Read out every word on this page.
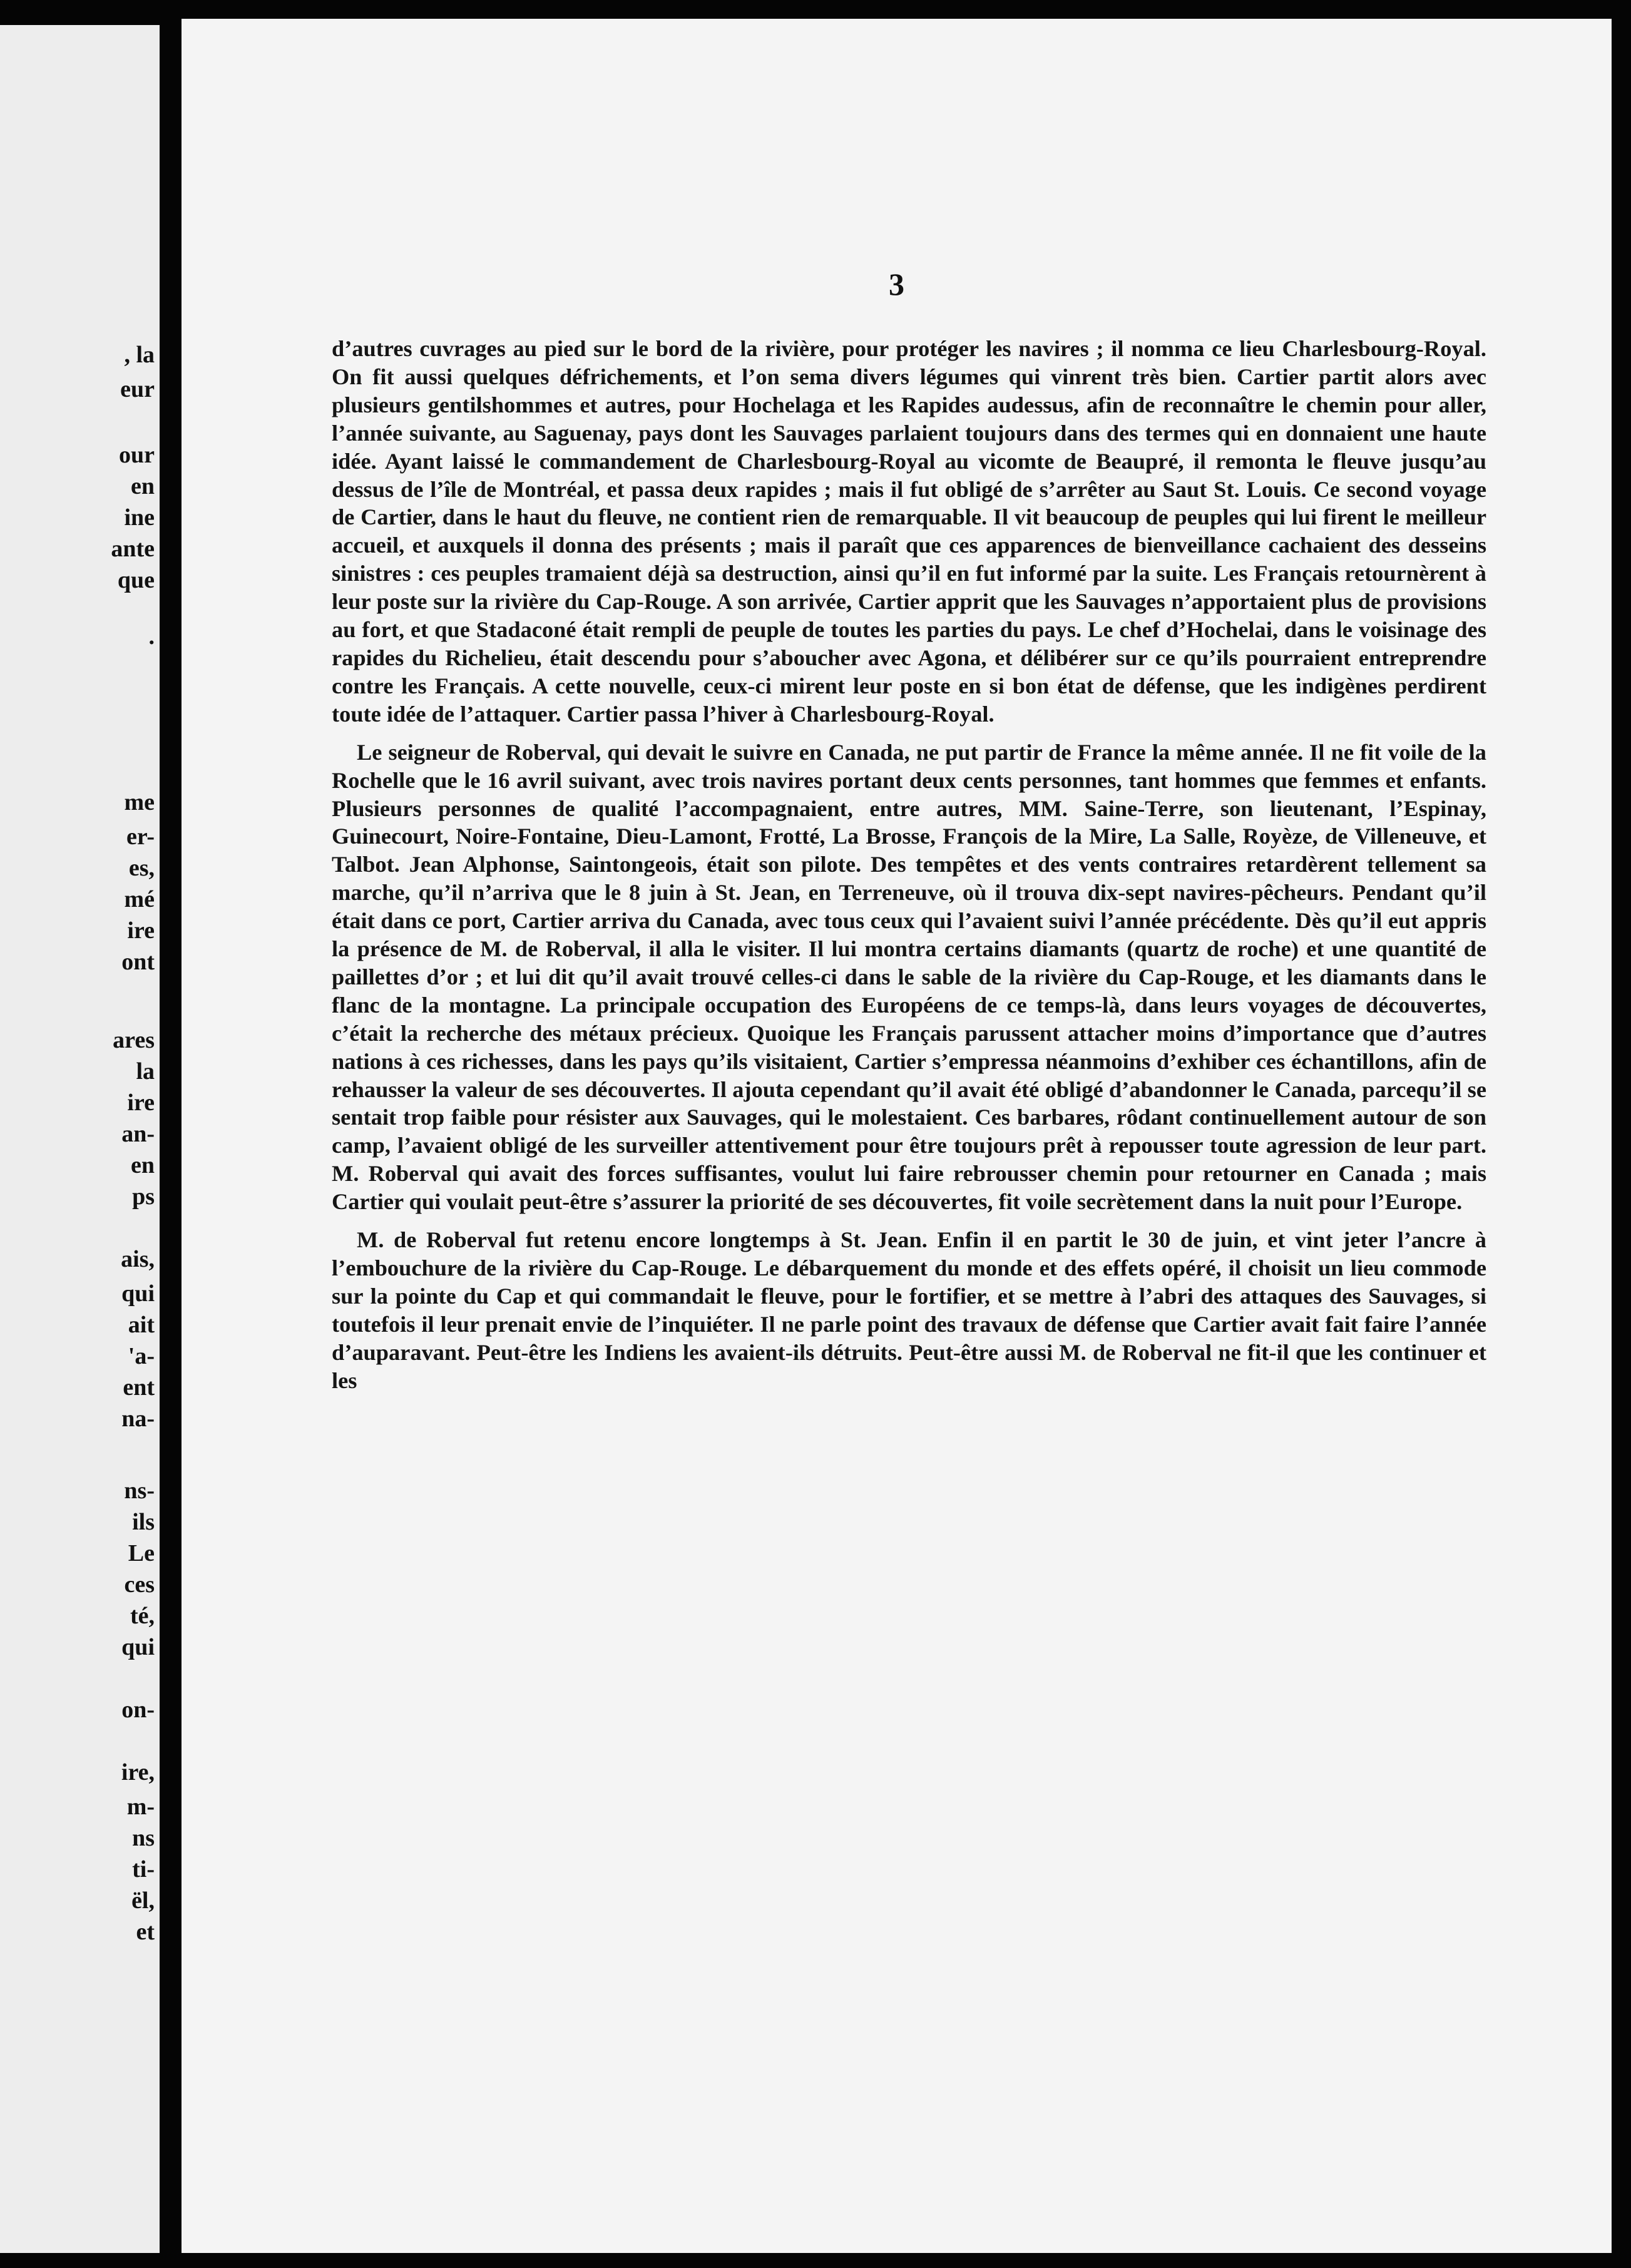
, la
eur
our
en
ine
ante
que
.
me
er-
es,
mé
ire
ont
ares
la
ire
an-
en
ps
ais,
qui
ait
'a-
ent
na-
ns-
ils
Le
ces
té,
qui
on-
ire,
m-
ns
ti-
ël,
et
3

d’autres cuvrages au pied sur le bord de la rivière, pour protéger les navires ; il nomma ce lieu Charlesbourg-Royal. On fit aussi quelques défrichements, et l’on sema divers légumes qui vinrent très bien. Cartier partit alors avec plusieurs gentilshommes et autres, pour Hochelaga et les Rapides audessus, afin de reconnaître le chemin pour aller, l’année suivante, au Saguenay, pays dont les Sauvages parlaient toujours dans des termes qui en donnaient une haute idée. Ayant laissé le commandement de Charlesbourg-Royal au vicomte de Beaupré, il remonta le fleuve jusqu’au dessus de l’île de Montréal, et passa deux rapides ; mais il fut obligé de s’arrêter au Saut St. Louis. Ce second voyage de Cartier, dans le haut du fleuve, ne contient rien de remarquable. Il vit beaucoup de peuples qui lui firent le meilleur accueil, et auxquels il donna des présents ; mais il paraît que ces apparences de bienveillance cachaient des desseins sinistres : ces peuples tramaient déjà sa destruction, ainsi qu’il en fut informé par la suite. Les Français retournèrent à leur poste sur la rivière du Cap-Rouge. A son arrivée, Cartier apprit que les Sauvages n’apportaient plus de provisions au fort, et que Stadaconé était rempli de peuple de toutes les parties du pays. Le chef d’Hochelai, dans le voisinage des rapides du Richelieu, était descendu pour s’aboucher avec Agona, et délibérer sur ce qu’ils pourraient entreprendre contre les Français. A cette nouvelle, ceux-ci mirent leur poste en si bon état de défense, que les indigènes perdirent toute idée de l’attaquer. Cartier passa l’hiver à Charlesbourg-Royal.

Le seigneur de Roberval, qui devait le suivre en Canada, ne put partir de France la même année. Il ne fit voile de la Rochelle que le 16 avril suivant, avec trois navires portant deux cents personnes, tant hommes que femmes et enfants. Plusieurs personnes de qualité l’accompagnaient, entre autres, MM. Saine-Terre, son lieutenant, l’Espinay, Guinecourt, Noire-Fontaine, Dieu-Lamont, Frotté, La Brosse, François de la Mire, La Salle, Royèze, de Villeneuve, et Talbot. Jean Alphonse, Saintongeois, était son pilote. Des tempêtes et des vents contraires retardèrent tellement sa marche, qu’il n’arriva que le 8 juin à St. Jean, en Terreneuve, où il trouva dix-sept navires-pêcheurs. Pendant qu’il était dans ce port, Cartier arriva du Canada, avec tous ceux qui l’avaient suivi l’année précédente. Dès qu’il eut appris la présence de M. de Roberval, il alla le visiter. Il lui montra certains diamants (quartz de roche) et une quantité de paillettes d’or ; et lui dit qu’il avait trouvé celles-ci dans le sable de la rivière du Cap-Rouge, et les diamants dans le flanc de la montagne. La principale occupation des Européens de ce temps-là, dans leurs voyages de découvertes, c’était la recherche des métaux précieux. Quoique les Français parussent attacher moins d’importance que d’autres nations à ces richesses, dans les pays qu’ils visitaient, Cartier s’empressa néanmoins d’exhiber ces échantillons, afin de rehausser la valeur de ses découvertes. Il ajouta cependant qu’il avait été obligé d’abandonner le Canada, parcequ’il se sentait trop faible pour résister aux Sauvages, qui le molestaient. Ces barbares, rôdant continuellement autour de son camp, l’avaient obligé de les surveiller attentivement pour être toujours prêt à repousser toute agression de leur part. M. Roberval qui avait des forces suffisantes, voulut lui faire rebrousser chemin pour retourner en Canada ; mais Cartier qui voulait peut-être s’assurer la priorité de ses découvertes, fit voile secrètement dans la nuit pour l’Europe.

M. de Roberval fut retenu encore longtemps à St. Jean. Enfin il en partit le 30 de juin, et vint jeter l’ancre à l’embouchure de la rivière du Cap-Rouge. Le débarquement du monde et des effets opéré, il choisit un lieu commode sur la pointe du Cap et qui commandait le fleuve, pour le fortifier, et se mettre à l’abri des attaques des Sauvages, si toutefois il leur prenait envie de l’inquiéter. Il ne parle point des travaux de défense que Cartier avait fait faire l’année d’auparavant. Peut-être les Indiens les avaient-ils détruits. Peut-être aussi M. de Roberval ne fit-il que les continuer et les
